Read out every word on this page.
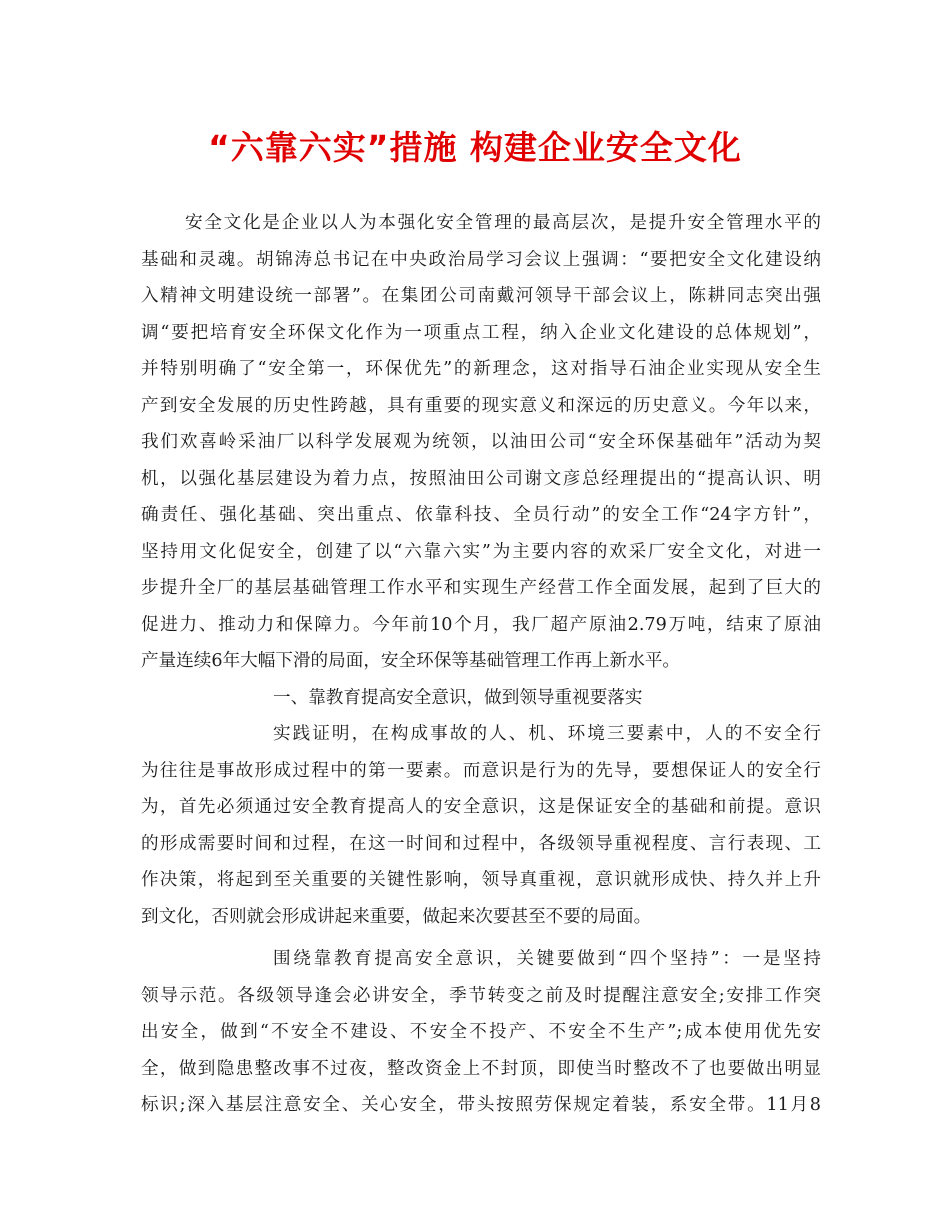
“六靠六实”措施 构建企业安全文化
安全文化是企业以人为本强化安全管理的最高层次，是提升安全管理水平的
基础和灵魂。胡锦涛总书记在中央政治局学习会议上强调：“要把安全文化建设纳
入精神文明建设统一部署”。在集团公司南戴河领导干部会议上，陈耕同志突出强
调“要把培育安全环保文化作为一项重点工程，纳入企业文化建设的总体规划”，
并特别明确了“安全第一，环保优先”的新理念，这对指导石油企业实现从安全生
产到安全发展的历史性跨越，具有重要的现实意义和深远的历史意义。今年以来，
我们欢喜岭采油厂以科学发展观为统领，以油田公司“安全环保基础年”活动为契
机，以强化基层建设为着力点，按照油田公司谢文彦总经理提出的“提高认识、明
确责任、强化基础、突出重点、依靠科技、全员行动”的安全工作“24字方针”，
坚持用文化促安全，创建了以“六靠六实”为主要内容的欢采厂安全文化，对进一
步提升全厂的基层基础管理工作水平和实现生产经营工作全面发展，起到了巨大的
促进力、推动力和保障力。今年前10个月，我厂超产原油2.79万吨，结束了原油
产量连续6年大幅下滑的局面，安全环保等基础管理工作再上新水平。
一、靠教育提高安全意识，做到领导重视要落实
实践证明，在构成事故的人、机、环境三要素中，人的不安全行
为往往是事故形成过程中的第一要素。而意识是行为的先导，要想保证人的安全行
为，首先必须通过安全教育提高人的安全意识，这是保证安全的基础和前提。意识
的形成需要时间和过程，在这一时间和过程中，各级领导重视程度、言行表现、工
作决策，将起到至关重要的关键性影响，领导真重视，意识就形成快、持久并上升
到文化，否则就会形成讲起来重要，做起来次要甚至不要的局面。
围绕靠教育提高安全意识，关键要做到“四个坚持”：一是坚持
领导示范。各级领导逢会必讲安全，季节转变之前及时提醒注意安全;安排工作突
出安全，做到“不安全不建设、不安全不投产、不安全不生产”;成本使用优先安
全，做到隐患整改事不过夜，整改资金上不封顶，即使当时整改不了也要做出明显
标识;深入基层注意安全、关心安全，带头按照劳保规定着装，系安全带。11月8
